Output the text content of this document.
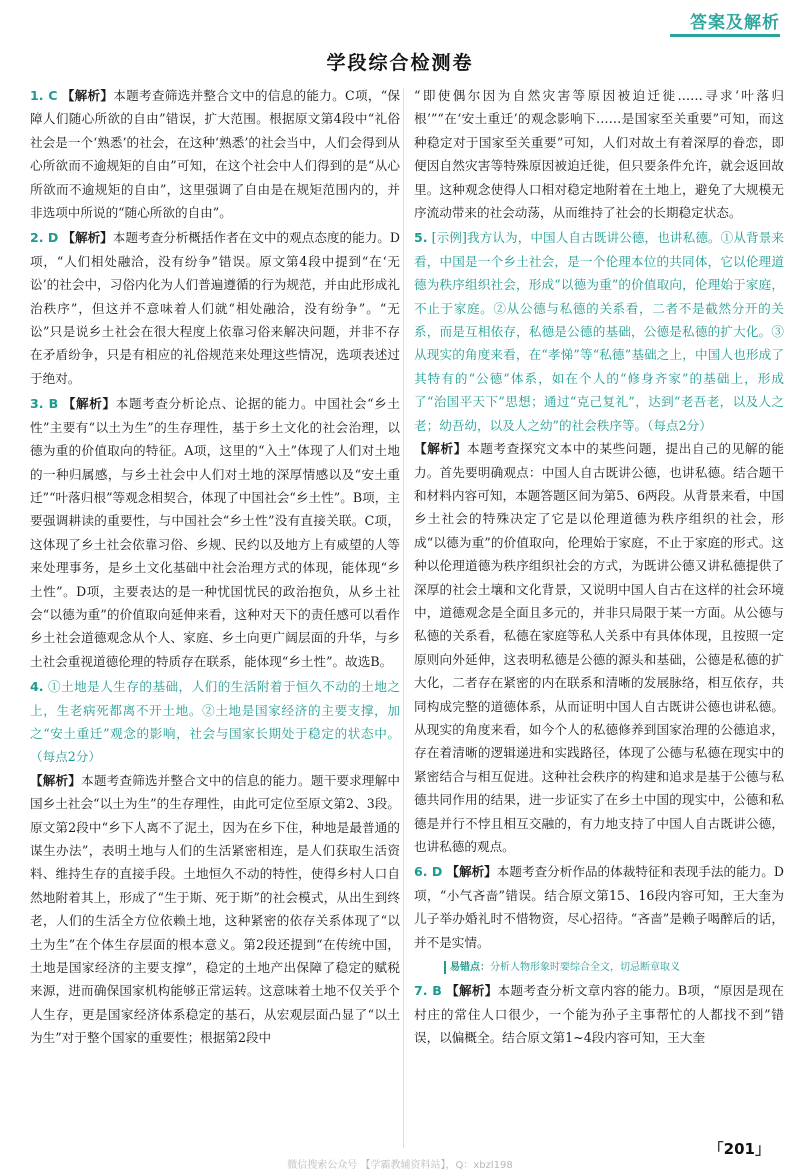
答案及解析
学段综合检测卷

1. C 【解析】本题考查筛选并整合文中的信息的能力。C项，“保障人们随心所欲的自由”错误，扩大范围。根据原文第4段中“礼俗社会是一个‘熟悉’的社会，在这种‘熟悉’的社会当中，人们会得到从心所欲而不逾规矩的自由”可知，在这个社会中人们得到的是“从心所欲而不逾规矩的自由”，这里强调了自由是在规矩范围内的，并非选项中所说的“随心所欲的自由”。

2. D 【解析】本题考查分析概括作者在文中的观点态度的能力。D项，“人们相处融洽，没有纷争”错误。原文第4段中提到“在‘无讼’的社会中，习俗内化为人们普遍遵循的行为规范，并由此形成礼治秩序”，但这并不意味着人们就“相处融洽，没有纷争”。“无讼”只是说乡土社会在很大程度上依靠习俗来解决问题，并非不存在矛盾纷争，只是有相应的礼俗规范来处理这些情况，选项表述过于绝对。

3. B 【解析】本题考查分析论点、论据的能力。中国社会“乡土性”主要有“以土为生”的生存理性，基于乡土文化的社会治理，以德为重的价值取向的特征。A项，这里的“入土”体现了人们对土地的一种归属感，与乡土社会中人们对土地的深厚情感以及“安土重迁”“叶落归根”等观念相契合，体现了中国社会“乡土性”。B项，主要强调耕读的重要性，与中国社会“乡土性”没有直接关联。C项，这体现了乡土社会依靠习俗、乡规、民约以及地方上有威望的人等来处理事务，是乡土文化基础中社会治理方式的体现，能体现“乡土性”。D项，主要表达的是一种忧国忧民的政治抱负，从乡土社会“以德为重”的价值取向延伸来看，这种对天下的责任感可以看作乡土社会道德观念从个人、家庭、乡土向更广阔层面的升华，与乡土社会重视道德伦理的特质存在联系，能体现“乡土性”。故选B。

4. ①土地是人生存的基础，人们的生活附着于恒久不动的土地之上，生老病死都离不开土地。②土地是国家经济的主要支撑，加之“安土重迁”观念的影响，社会与国家长期处于稳定的状态中。（每点2分）
【解析】本题考查筛选并整合文中的信息的能力。题干要求理解中国乡土社会“以土为生”的生存理性，由此可定位至原文第2、3段。原文第2段中“乡下人离不了泥土，因为在乡下住，种地是最普通的谋生办法”，表明土地与人们的生活紧密相连，是人们获取生活资料、维持生存的直接手段。土地恒久不动的特性，使得乡村人口自然地附着其上，形成了“生于斯、死于斯”的社会模式，从出生到终老，人们的生活全方位依赖土地，这种紧密的依存关系体现了“以土为生”在个体生存层面的根本意义。第2段还提到“在传统中国，土地是国家经济的主要支撑”，稳定的土地产出保障了稳定的赋税来源，进而确保国家机构能够正常运转。这意味着土地不仅关乎个人生存，更是国家经济体系稳定的基石，从宏观层面凸显了“以土为生”对于整个国家的重要性；根据第2段中

“即使偶尔因为自然灾害等原因被迫迁徙……寻求‘叶落归根’”“在‘安土重迁’的观念影响下……是国家至关重要”可知，而这种稳定对于国家至关重要”可知，人们对故土有着深厚的眷恋，即便因自然灾害等特殊原因被迫迁徙，但只要条件允许，就会返回故里。这种观念使得人口相对稳定地附着在土地上，避免了大规模无序流动带来的社会动荡，从而维持了社会的长期稳定状态。

5. [示例]我方认为，中国人自古既讲公德，也讲私德。①从背景来看，中国是一个乡土社会，是一个伦理本位的共同体，它以伦理道德为秩序组织社会，形成“以德为重”的价值取向，伦理始于家庭，不止于家庭。②从公德与私德的关系看，二者不是截然分开的关系，而是互相依存，私德是公德的基础，公德是私德的扩大化。③从现实的角度来看，在“孝悌”等“私德”基础之上，中国人也形成了其特有的“公德”体系，如在个人的“修身齐家”的基础上，形成了“治国平天下”思想；通过“克己复礼”，达到“老吾老，以及人之老；幼吾幼，以及人之幼”的社会秩序等。（每点2分）
【解析】本题考查探究文本中的某些问题，提出自己的见解的能力。首先要明确观点：中国人自古既讲公德，也讲私德。结合题干和材料内容可知，本题答题区间为第5、6两段。从背景来看，中国乡土社会的特殊决定了它是以伦理道德为秩序组织的社会，形成“以德为重”的价值取向，伦理始于家庭，不止于家庭的形式。这种以伦理道德为秩序组织社会的方式，为既讲公德又讲私德提供了深厚的社会土壤和文化背景，又说明中国人自古在这样的社会环境中，道德观念是全面且多元的，并非只局限于某一方面。从公德与私德的关系看，私德在家庭等私人关系中有具体体现，且按照一定原则向外延伸，这表明私德是公德的源头和基础，公德是私德的扩大化，二者存在紧密的内在联系和清晰的发展脉络，相互依存，共同构成完整的道德体系，从而证明中国人自古既讲公德也讲私德。从现实的角度来看，如今个人的私德修养到国家治理的公德追求，存在着清晰的逻辑递进和实践路径，体现了公德与私德在现实中的紧密结合与相互促进。这种社会秩序的构建和追求是基于公德与私德共同作用的结果，进一步证实了在乡土中国的现实中，公德和私德是并行不悖且相互交融的，有力地支持了中国人自古既讲公德，也讲私德的观点。

6. D 【解析】本题考查分析作品的体裁特征和表现手法的能力。D项，“小气吝啬”错误。结合原文第15、16段内容可知，王大奎为儿子举办婚礼时不惜物资，尽心招待。“吝啬”是赖子喝醉后的话，并不是实情。
易错点：分析人物形象时要综合全文，切忌断章取义

7. B 【解析】本题考查分析文章内容的能力。B项，“原因是现在村庄的常住人口很少，一个能为孙子主事帮忙的人都找不到”错误，以偏概全。结合原文第1~4段内容可知，王大奎

「201」
微信搜索公众号 【学霸教辅资料站】，Q：xbzl198
